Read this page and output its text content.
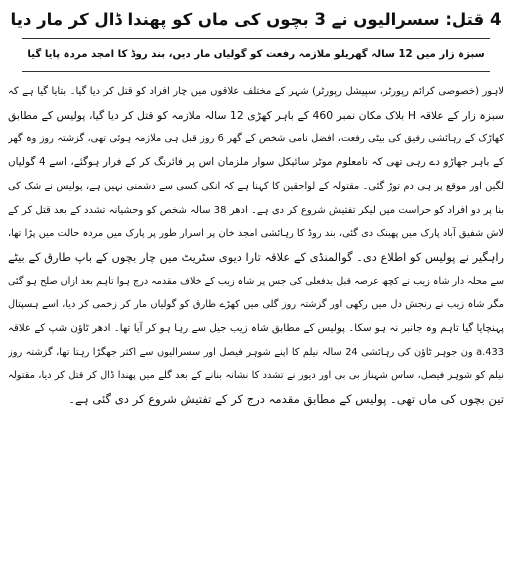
4 قتل: سسرالیوں نے 3 بچوں کی ماں کو پھندا ڈال کر مار دیا
سبزہ زار میں 12 سالہ گھریلو ملازمہ رفعت کو گولیاں مار دیں، بند روڈ کا امجد مردہ پایا گیا
لاہور (خصوصی کرائم رپورٹر، سپیشل رپورٹر) شہر کے مختلف علاقوں میں چار افراد کو قتل کر دیا گیا۔ بتایا گیا ہے کہ
سبزہ زار کے علاقہ H بلاک مکان نمبر 460 کے باہر کھڑی 12 سالہ ملازمہ کو قتل کر دیا گیا، پولیس کے مطابق
کھاڑک کے رہائشی رفیق کی بیٹی رفعت، افضل نامی شخص کے گھر 6 روز قبل ہی ملازمہ ہوئی تھی، گزشتہ روز وہ گھر
کے باہر جھاڑو دے رہی تھی کہ نامعلوم موٹر سائیکل سوار ملزمان اس پر فائرنگ کر کے فرار ہوگئے، اسے 4 گولیاں
لگیں اور موقع پر ہی دم توڑ گئی۔ مقتولہ کے لواحقین کا کہنا ہے کہ انکی کسی سے دشمنی نہیں ہے، پولیس نے شک کی
بنا پر دو افراد کو حراست میں لیکر تفتیش شروع کر دی ہے۔ ادھر 38 سالہ شخص کو وحشیانہ تشدد کے بعد قتل کر کے
لاش شفیق آباد پارک میں پھینک دی گئی، بند روڈ کا رہائشی امجد خان پر اسرار طور پر پارک میں مردہ حالت میں پڑا تھا،
راہگیر نے پولیس کو اطلاع دی۔ گوالمنڈی کے علاقہ تارا دیوی سٹریٹ میں چار بچوں کے باپ طارق کے بیٹے
سے محلہ دار شاہ زیب نے کچھ عرصہ قبل بدفعلی کی جس پر شاہ زیب کے خلاف مقدمہ درج ہوا تاہم بعد ازاں صلح ہو گئی
مگر شاہ زیب نے رنجش دل میں رکھی اور گزشتہ روز گلی میں کھڑے طارق کو گولیاں مار کر زخمی کر دیا، اسے ہسپتال
پہنچایا گیا تاہم وہ جانبر نہ ہو سکا۔ پولیس کے مطابق شاہ زیب جیل سے رہا ہو کر آیا تھا۔ ادھر ٹاؤن شپ کے علاقہ
433.a ون جوہر ٹاؤن کی رہائشی 24 سالہ نیلم کا اپنے شوہر فیصل اور سسرالیوں سے اکثر جھگڑا رہتا تھا، گزشتہ روز
نیلم کو شوہر فیصل، ساس شہناز بی بی اور دیور نے تشدد کا نشانہ بنانے کے بعد گلے میں پھندا ڈال کر قتل کر دیا، مقتولہ
تین بچوں کی ماں تھی۔ پولیس کے مطابق مقدمہ درج کر کے تفتیش شروع کر دی گئی ہے۔
